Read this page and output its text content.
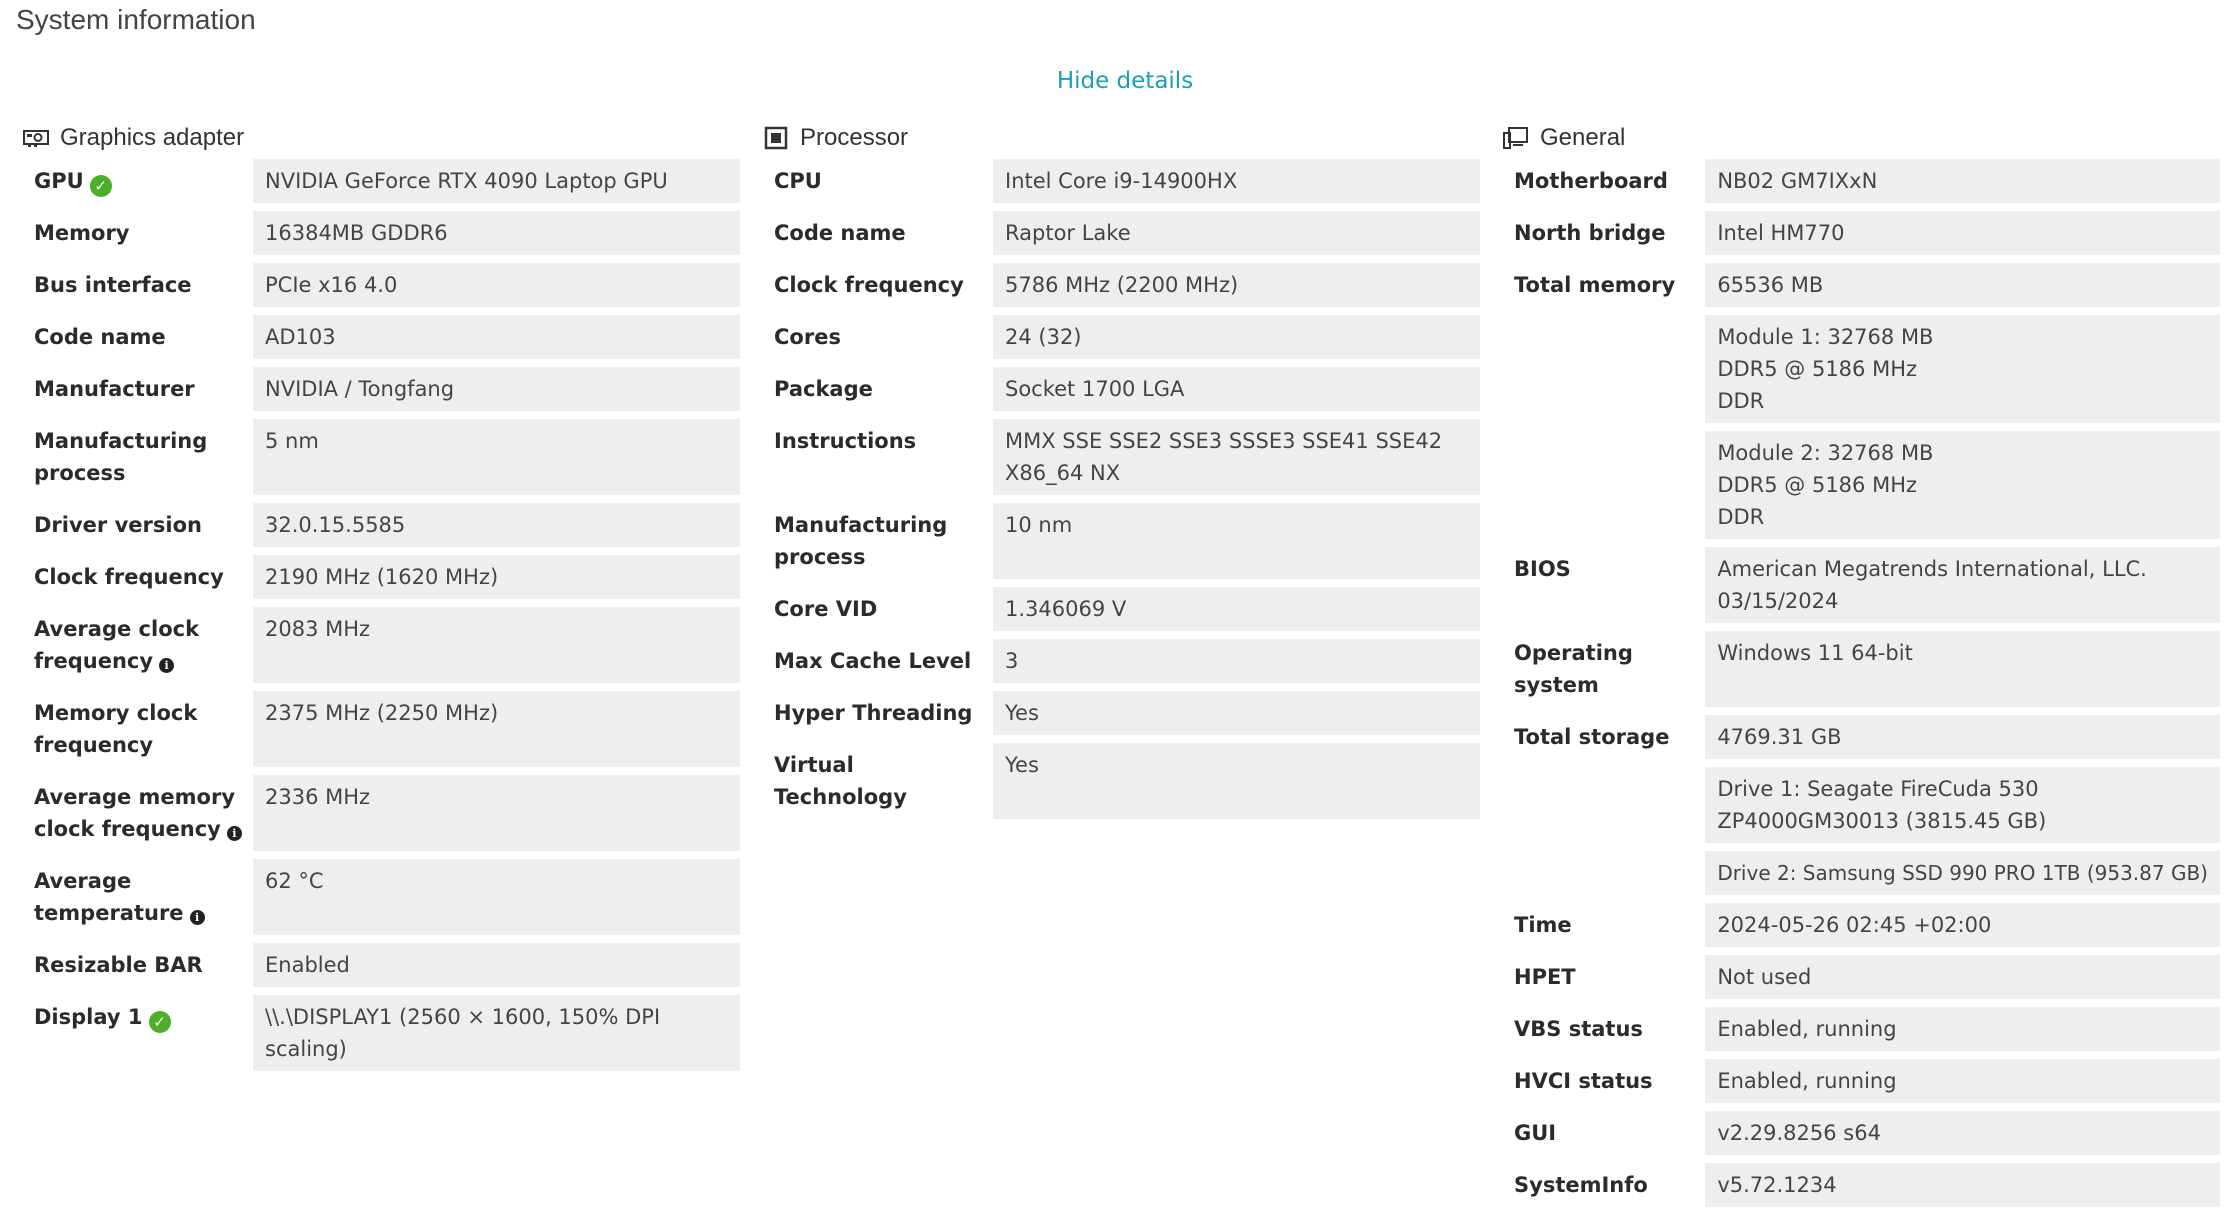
System information
Hide details
Graphics adapter
GPU ✓	NVIDIA GeForce RTX 4090 Laptop GPU
Memory	16384MB GDDR6
Bus interface	PCIe x16 4.0
Code name	AD103
Manufacturer	NVIDIA / Tongfang
Manufacturing process	5 nm
Driver version	32.0.15.5585
Clock frequency	2190 MHz (1620 MHz)
Average clock frequency i	2083 MHz
Memory clock frequency	2375 MHz (2250 MHz)
Average memory clock frequency i	2336 MHz
Average temperature i	62 °C
Resizable BAR	Enabled
Display 1 ✓	\\.\DISPLAY1 (2560 × 1600, 150% DPI scaling)
Processor
CPU	Intel Core i9-14900HX
Code name	Raptor Lake
Clock frequency	5786 MHz (2200 MHz)
Cores	24 (32)
Package	Socket 1700 LGA
Instructions	MMX SSE SSE2 SSE3 SSSE3 SSE41 SSE42 X86_64 NX
Manufacturing process	10 nm
Core VID	1.346069 V
Max Cache Level	3
Hyper Threading	Yes
Virtual Technology	Yes
General
Motherboard	NB02 GM7IXxN
North bridge	Intel HM770
Total memory	65536 MB
	Module 1: 32768 MB DDR5 @ 5186 MHz DDR
	Module 2: 32768 MB DDR5 @ 5186 MHz DDR
BIOS	American Megatrends International, LLC. 03/15/2024
Operating system	Windows 11 64-bit
Total storage	4769.31 GB
	Drive 1: Seagate FireCuda 530 ZP4000GM30013 (3815.45 GB)
	Drive 2: Samsung SSD 990 PRO 1TB (953.87 GB)
Time	2024-05-26 02:45 +02:00
HPET	Not used
VBS status	Enabled, running
HVCI status	Enabled, running
GUI	v2.29.8256 s64
SystemInfo	v5.72.1234
